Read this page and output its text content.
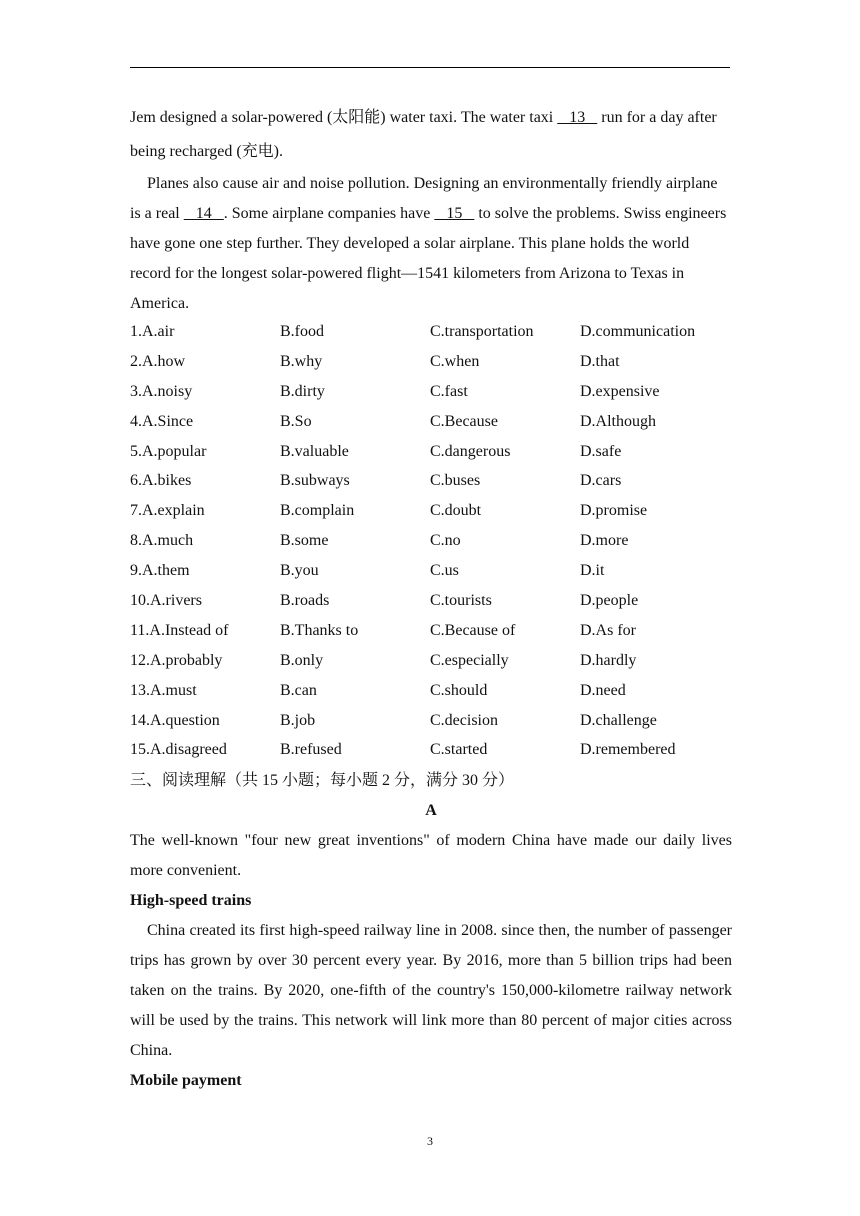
Jem designed a solar-powered (太阳能) water taxi. The water taxi    13    run for a day after being recharged (充电).

Planes also cause air and noise pollution. Designing an environmentally friendly airplane is a real    14   . Some airplane companies have    15    to solve the problems. Swiss engineers have gone one step further. They developed a solar airplane. This plane holds the world record for the longest solar-powered flight—1541 kilometers from Arizona to Texas in America.

1.A.air	B.food	C.transportation	D.communication
2.A.how	B.why	C.when	D.that
3.A.noisy	B.dirty	C.fast	D.expensive
4.A.Since	B.So	C.Because	D.Although
5.A.popular	B.valuable	C.dangerous	D.safe
6.A.bikes	B.subways	C.buses	D.cars
7.A.explain	B.complain	C.doubt	D.promise
8.A.much	B.some	C.no	D.more
9.A.them	B.you	C.us	D.it
10.A.rivers	B.roads	C.tourists	D.people
11.A.Instead of	B.Thanks to	C.Because of	D.As for
12.A.probably	B.only	C.especially	D.hardly
13.A.must	B.can	C.should	D.need
14.A.question	B.job	C.decision	D.challenge
15.A.disagreed	B.refused	C.started	D.remembered
三、阅读理解（共 15 小题；每小题 2 分，满分 30 分）
A

The well-known "four new great inventions" of modern China have made our daily lives more convenient.

High-speed trains

China created its first high-speed railway line in 2008. since then, the number of passenger trips has grown by over 30 percent every year. By 2016, more than 5 billion trips had been taken on the trains. By 2020, one-fifth of the country's 150,000-kilometre railway network will be used by the trains. This network will link more than 80 percent of major cities across China.

Mobile payment
3
